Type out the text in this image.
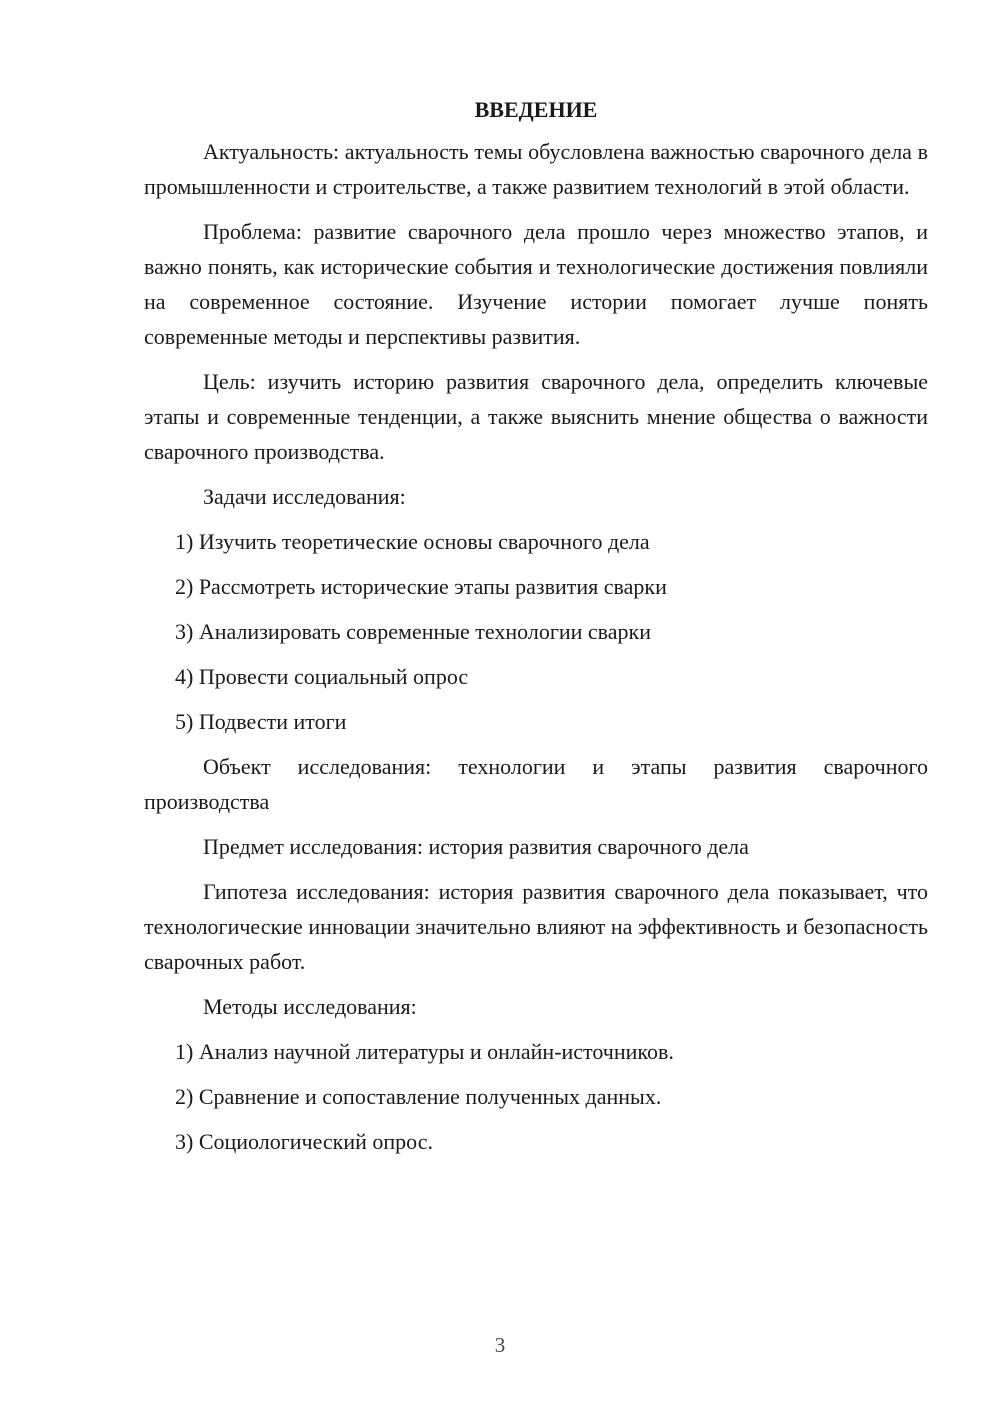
ВВЕДЕНИЕ

Актуальность: актуальность темы обусловлена важностью сварочного дела в промышленности и строительстве, а также развитием технологий в этой области.

Проблема: развитие сварочного дела прошло через множество этапов, и важно понять, как исторические события и технологические достижения повлияли на современное состояние. Изучение истории помогает лучше понять современные методы и перспективы развития.

Цель: изучить историю развития сварочного дела, определить ключевые этапы и современные тенденции, а также выяснить мнение общества о важности сварочного производства.

Задачи исследования:

1) Изучить теоретические основы сварочного дела

2) Рассмотреть исторические этапы развития сварки

3) Анализировать современные технологии сварки

4) Провести социальный опрос

5) Подвести итоги

Объект исследования: технологии и этапы развития сварочного производства

Предмет исследования: история развития сварочного дела

Гипотеза исследования: история развития сварочного дела показывает, что технологические инновации значительно влияют на эффективность и безопасность сварочных работ.

Методы исследования:

1) Анализ научной литературы и онлайн-источников.

2) Сравнение и сопоставление полученных данных.

3) Социологический опрос.

3
